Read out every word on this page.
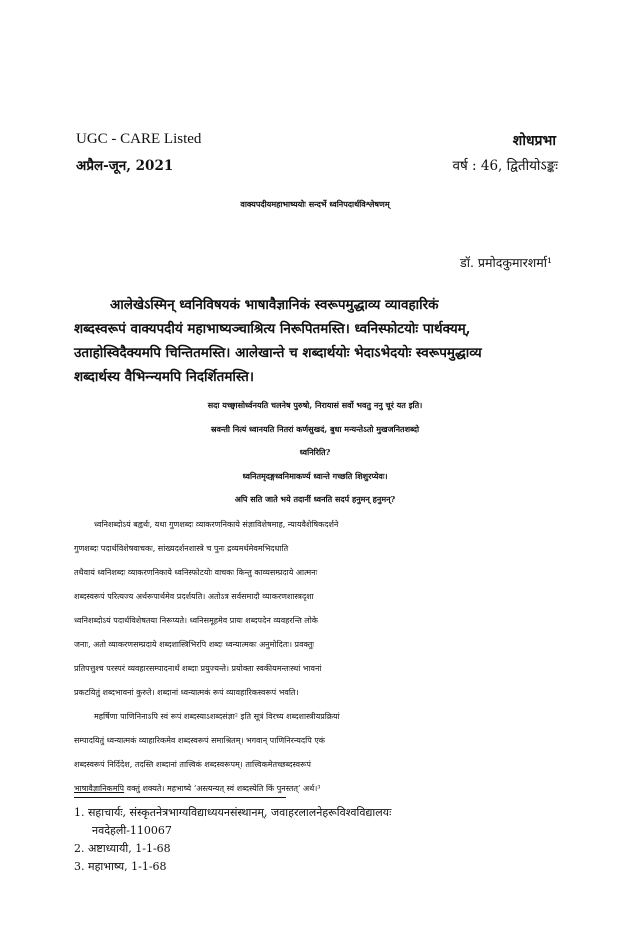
UGC - CARE Listed	शोधप्रभा
अप्रैल-जून, 2021	वर्ष : 46, द्वितीयोऽङ्कः
वाक्यपदीयमहाभाष्ययोः सन्दर्भे ध्वनिपदार्थविश्लेषणम्
डॉ. प्रमोदकुमारशर्मा¹
आलेखेऽस्मिन् ध्वनिविषयकं भाषावैज्ञानिकं स्वरूपमुद्धाव्य व्यावहारिकं
शब्दस्वरूपं वाक्यपदीयं महाभाष्यञ्चाश्रित्य निरूपितमस्ति। ध्वनिस्फोटयोः पार्थक्यम्,
उताहोस्विदैक्यमपि चिन्तितमस्ति। आलेखान्ते च शब्दार्थयोः भेदाऽभेदयोः स्वरूपमुद्धाव्य
शब्दार्थस्य वैभिन्न्यमपि निदर्शितमस्ति।
सदा यच्छ्वासोर्ध्वनयति चलनेष पुरुषो, निरायासं सर्वो भवतु ननु चूरं यत इति।
स्रवन्ती नित्यं ध्वानयति नितरां कर्णसुखदं, बुधा मन्यन्तेऽतो मुखजनितशब्दो
ध्वनिरिति?
ध्वनितमृदङ्गध्वनिमाकर्ण्य ध्वान्ते गच्छति शिशुरप्येवः।
अपि सति जाते भये तदानीं ध्वनति सदर्प हनुमन् हनुमन्?
ध्वनिशब्दोऽयं बह्वर्थः, यथा गुणशब्दः व्याकरणनिकाये संज्ञाविशेषमाह, न्यायवैशेषिकदर्शने
गुणशब्दः पदार्थविशेषवाचकः, सांख्यदर्शनशास्त्रे च पुनः द्रव्यमर्थमेवमभिदधाति
तथैवायं ध्वनिशब्दः व्याकरणनिकाये ध्वनिस्फोटयोः वाचकः किन्तु काव्यसम्प्रदाये आत्मनः
शब्दस्वरूपं परित्यज्य अर्थरूपार्थमेव प्रदर्शयति। अतोऽत्र सर्वसमादौ व्याकरणशास्त्रदृशा
ध्वनिशब्दोऽयं पदार्थविशेषतया निरूप्यते। ध्वनिसमूहमेव प्रायः शब्दपदेन व्यवहरन्ति लोके
जनाः, अतो व्याकरणसम्प्रदाये शब्दशास्त्रिभिरपि शब्दः ध्वन्यात्मकः अनुमोदितः। प्रवक्तुः
प्रतिपत्तुश्च परस्परं व्यवहारसम्पादनार्थं शब्दाः प्रयुज्यन्ते। प्रयोक्ता स्वकीयमन्तःस्थां भावनां
प्रकटयितुं शब्दभावनां कुरुते। शब्दानां ध्वन्यात्मकं रूपं व्यावहारिकस्वरूपं भवति।
महर्षिणा पाणिनिनाऽपि स्वं रूपं शब्दस्याऽशब्दसंज्ञा² इति सूत्रं विरच्य शब्दशास्त्रीयप्रक्रियां
सम्पादयितुं ध्वन्यात्मकं व्याहारिकमेव शब्दस्वरूपं समाश्रितम्। भगवान् पाणिनिरन्यदपि एकं
शब्दस्वरूपं निर्दिदेश, तदस्ति शब्दानां तात्त्विकं शब्दस्वरूपम्। तात्त्विकमेतच्छब्दस्वरूपं
भाषावैज्ञानिकमपि वक्तुं शक्यते। महभाष्ये ‘अस्त्यन्यत् स्वं शब्दस्येति किं पुनस्तत्’ अर्थ।³
1. सहाचार्यः, संस्कृतनेत्रभाग्यविद्याध्ययनसंस्थानम्, जवाहरलालनेहरूविश्वविद्यालयः
नवदेहली-110067
2. अष्टाध्यायी, 1-1-68
3. महाभाष्य, 1-1-68
